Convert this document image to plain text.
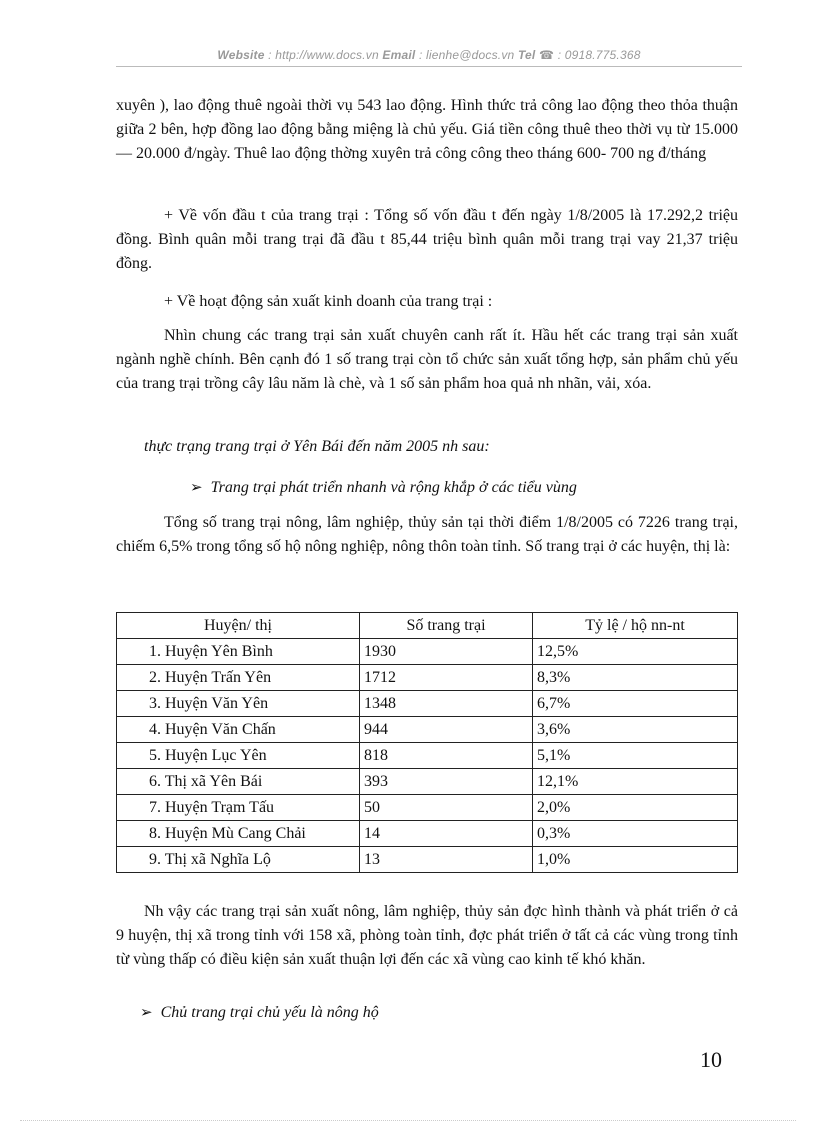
Website : http://www.docs.vn Email : lienhe@docs.vn Tel ☎ : 0918.775.368

xuyên ), lao động thuê ngoài thời vụ 543 lao động. Hình thức trả công lao động theo thỏa thuận giữa 2 bên, hợp đồng lao động bằng miệng là chủ yếu. Giá tiền công thuê theo thời vụ từ 15.000 — 20.000 đ/ngày. Thuê lao động thờng xuyên trả công công theo tháng 600- 700 ng đ/tháng

+ Về vốn đầu t của trang trại : Tổng số vốn đầu t đến ngày 1/8/2005 là 17.292,2 triệu đồng. Bình quân mỗi trang trại đã đầu t 85,44 triệu bình quân mỗi trang trại vay 21,37 triệu đồng.

+ Về hoạt động sản xuất kinh doanh của trang trại :

Nhìn chung các trang trại sản xuất chuyên canh rất ít. Hầu hết các trang trại sản xuất ngành nghề chính. Bên cạnh đó 1 số trang trại còn tổ chức sản xuất tổng hợp, sản phẩm chủ yếu của trang trại trồng cây lâu năm là chè, và 1 số sản phẩm hoa quả nh nhãn, vải, xóa.

thực trạng trang trại ở Yên Bái đến năm 2005 nh sau:

➢ Trang trại phát triển nhanh và rộng khắp ở các tiểu vùng

Tổng số trang trại nông, lâm nghiệp, thủy sản tại thời điểm 1/8/2005 có 7226 trang trại, chiếm 6,5% trong tổng số hộ nông nghiệp, nông thôn toàn tỉnh. Số trang trại ở các huyện, thị là:

Huyện/ thị	Số trang trại	Tỷ lệ / hộ nn-nt
1. Huyện Yên Bình	1930	12,5%
2. Huyện Trấn Yên	1712	8,3%
3. Huyện Văn Yên	1348	6,7%
4. Huyện Văn Chấn	944	3,6%
5. Huyện Lục Yên	818	5,1%
6. Thị xã Yên Bái	393	12,1%
7. Huyện Trạm Tấu	50	2,0%
8. Huyện Mù Cang Chải	14	0,3%
9. Thị xã Nghĩa Lộ	13	1,0%

Nh vậy các trang trại sản xuất nông, lâm nghiệp, thủy sản đợc hình thành và phát triển ở cả 9 huyện, thị xã trong tỉnh với 158 xã, phòng toàn tỉnh, đợc phát triển ở tất cả các vùng trong tỉnh từ vùng thấp có điều kiện sản xuất thuận lợi đến các xã vùng cao kinh tế khó khăn.

➢ Chủ trang trại chủ yếu là nông hộ

10
